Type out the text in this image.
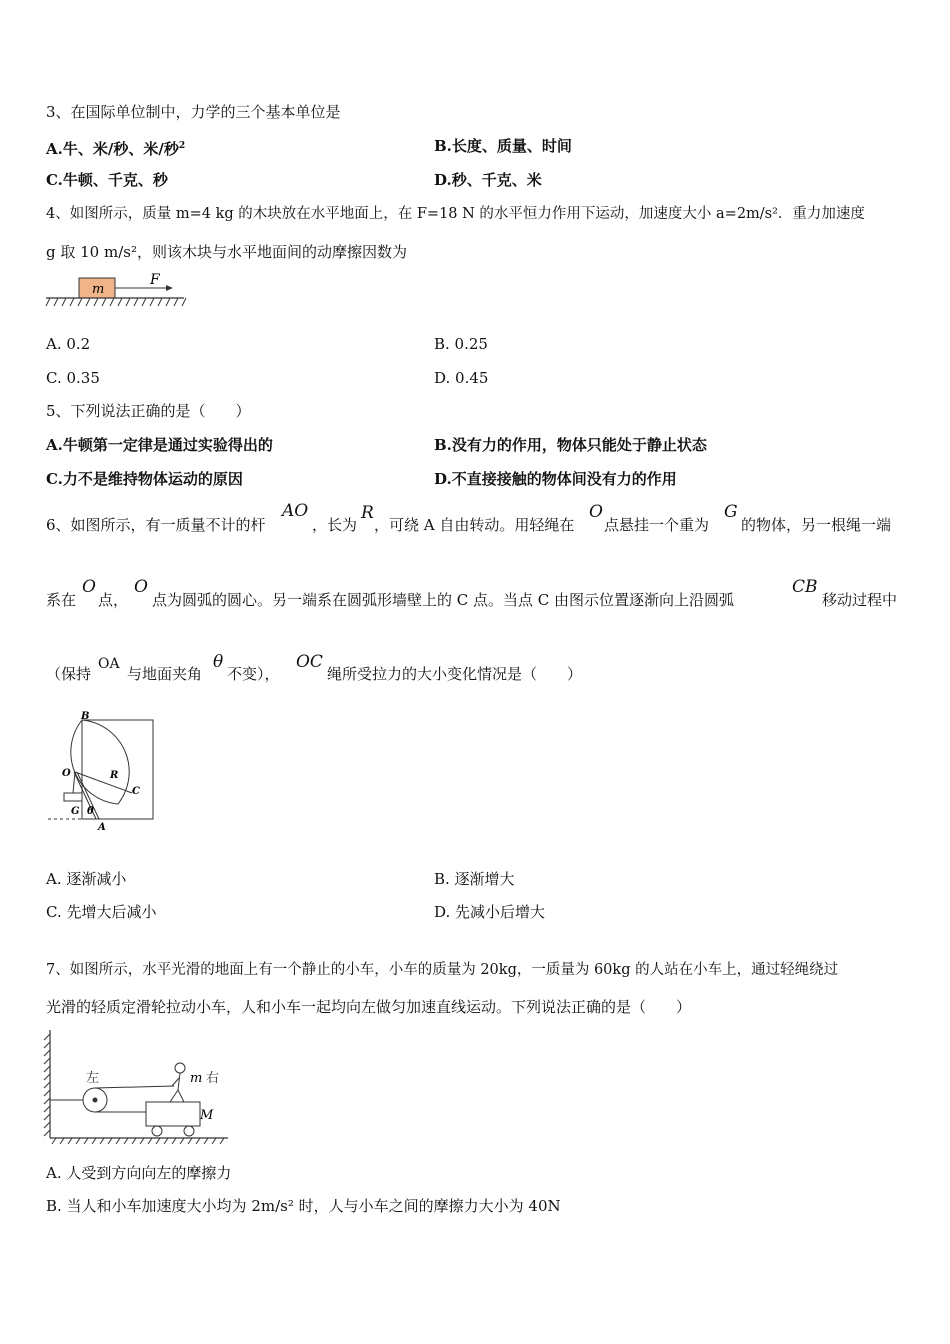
3、在国际单位制中，力学的三个基本单位是
A.牛、米/秒、米/秒$^2$	B.长度、质量、时间
C.牛顿、千克、秒	D.秒、千克、米
4、如图所示，质量 m=4 kg 的木块放在水平地面上，在 F=18 N 的水平恒力作用下运动，加速度大小 a=2m/s²．重力加速度
g 取 10 m/s²，则该木块与水平地面间的动摩擦因数为
m
F
A. 0.2	B. 0.25
C. 0.35	D. 0.45
5、下列说法正确的是（　　）
A.牛顿第一定律是通过实验得出的	B.没有力的作用，物体只能处于静止状态
C.力不是维持物体运动的原因	D.不直接接触的物体间没有力的作用
6、如图所示，有一质量不计的杆
AO
，长为
R
，可绕 A 自由转动。用轻绳在
O
点悬挂一个重为
G
的物体，另一根绳一端
系在
O
点，
O
点为圆弧的圆心。另一端系在圆弧形墙壁上的 C 点。当点 C 由图示位置逐渐向上沿圆弧
CB
移动过程中
（保持
OA
与地面夹角
θ
不变），
OC
绳所受拉力的大小变化情况是（　　）
B
O	R
C
G θ
A
A. 逐渐减小	B. 逐渐增大
C. 先增大后减小	D. 先减小后增大
7、如图所示，水平光滑的地面上有一个静止的小车，小车的质量为 20kg，一质量为 60kg 的人站在小车上，通过轻绳绕过
光滑的轻质定滑轮拉动小车，人和小车一起均向左做匀加速直线运动。下列说法正确的是（　　）
左	m 右
M
A. 人受到方向向左的摩擦力
B. 当人和小车加速度大小均为 2m/s² 时，人与小车之间的摩擦力大小为 40N
